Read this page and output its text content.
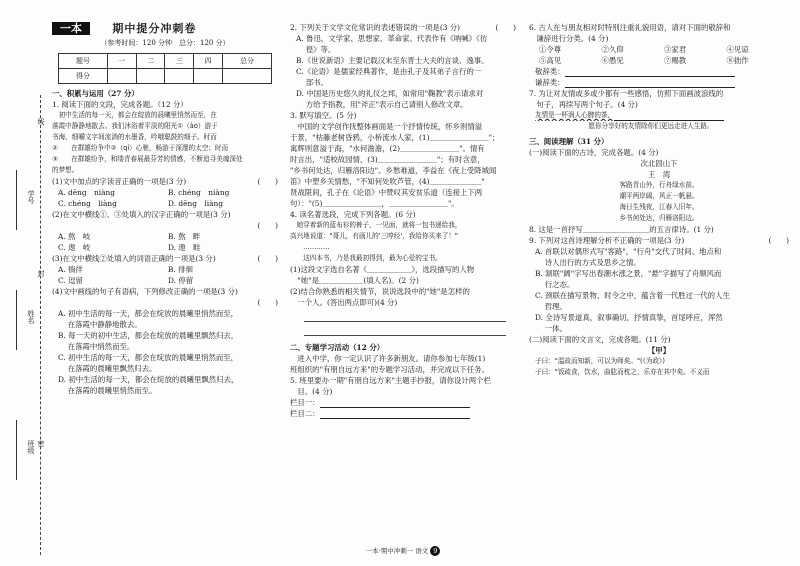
学号
姓名
班级
线
封
密
一本	期中提分冲刺卷
（参考时间：120 分钟　总分：120 分）
题号	一	二	三	四	总分
得分					
一、积累与运用（27 分）
1. 阅读下面的文段，完成各题。（12 分）
　初中生活的每一天，都会在绽放的晨曦里悄然而至，在
落霞中静静地散去。我们沐浴着平淡的阳光①（ào）游于
书海，细嚼文字间流淌的水墨香，吟哦聪鼓的细子。时而
②　　在群雄纷争中②（qí）心驰，畅游于深邃的太空；时而
③　　在群雄纷争，和缕青春展最芬芳的情感，不断追寻美魂深处
的梦想。
(1)文中加点的字读音正确的一项是(3 分)	(　　)
A. dēng　niàng	B. chéng　niàng
C. chéng　liàng	D. dēng　liàng
(2)在文中横线①、③处填入的汉字正确的一项是(3 分)
(　　)
A. 熬　岐	B. 熬　畔
C. 遨　岐	D. 遨　畦
(3)在文中横线②处填入的词语正确的一项是(3 分)	(　　)
A. 徜徉	B. 徘徊
C. 逗留	D. 停留
(4)文中画线的句子有语病，下列修改正确的一项是(3 分)
(　　)
A. 初中生活的每一天，都会在绽放的晨曦里悄然而至，
　 在落霞中静静地散去。
B. 每一天的初中生活，都会在绽放的晨曦里飘然归去，
　 在落霞中悄然而至。
C. 初中生活的每一天，都会在绽放的晨曦里悄然而至，
　 在落霞的晨曦里飘然归去。
D. 初中生活的每一天，都会在绽放的晨曦里飘然归去，
　 在落霞的晨曦里悄然而至。
2. 下列关于文学文化常识的表述错误的一项是(3 分)	(　　)
A. 鲁迅，文学家、思想家、革命家。代表作有《呐喊》《彷
　 徨》等。
B.《世说新语》主要记载汉末至东晋士大夫的言谈、逸事。
C.《论语》是儒家经典著作，是由孔子及其弟子言行的一
　 部书。
D. 中国是历史悠久的礼仪之邦，如常用"鞠教"表示请求对
　 方给予指教，用"斧正"表示自己请别人修改文章。
3. 默写填空。(5 分)
　中国的文学创作抚整体画面是一个抒情传统，怀乡则情溢
于景，"枯藤老树昏鸦，小桥流水人家，(1)＿＿＿＿＿＿＿＿"；
寓辉则意溢于海，"水何澹澹，(2)＿＿＿＿＿＿＿＿"。情有
时言出，"适校故园情，(3)＿＿＿＿＿＿＿＿"；有时含意，
"乡书何处达，归雁洛阳边"。乡愁难道，李益在《夜上受降城闻
笛》中塑乡关情愁，"不知何处吹芦管，(4)＿＿＿＿＿＿＿"
贤战限间，孔子在《论语》中赞叹其安贫乐道（连接上下两
句）："(5)＿＿＿＿＿＿＿＿，＿＿＿＿＿＿＿＿"。
4. 读名著选段，完成下列各题。(6 分)
　她穿着新的蓝布衫的裤子，一见面，就将一包书递给我，
高兴地说道："哥儿，有画儿的'三哼经'，我给你买来了！"
　　…………
　　这四本书，乃是我最初得到，最为心爱的宝书。
(1)这段文字选自名著《＿＿＿＿＿＿》，选段描写的人物
　"她"是＿＿＿＿＿＿(填人名)。(2 分)
(2)结合你熟悉的相关情节，说说选段中的"她"是怎样的
　一个人。(答出两点即可)(4 分)
二、专题学习活动（12 分）
　进入中学，你一定认识了许多新朋友。请你参加七年级(1)
班组织的"有朋自远方来"的专题学习活动，并完成以下任务。
5. 班里要办一期"有朋自远方来"主题手抄报，请你设计两个栏
　目。(4 分)
栏目一：
栏目二：
一本·期中冲刺一 语文 9
6. 古人在与朋友相对时特别注重礼貌用语，请对下面的敬辞和
　谦辞进行分类。(4 分)
①令尊	②久仰	③家君	④见谅
⑤高见	⑥愚见	⑦赐教	⑧拙作
敬辞类：
谦辞类：
7. 为让对友情或多或少都有一些感悟，仿照下面画波浪线的
　句子，再续写两个句子。(4 分)
友情是一杯润人心脾的茶，
　　　　　　　　　愿你分享好的友情除你们更远走进人生路。
三、阅读理解（31 分）
(一)阅读下面的古诗，完成各题。(4 分)
次北固山下
王　湾
客路青山外，行舟绿水前。
潮平两岸阔，风正一帆悬。
海日生残夜，江春入旧年。
乡书何处达，归雁洛阳边。
8. 这是一首抒写＿＿＿＿＿＿＿＿＿的五言律诗。(1 分)
9. 下列对这首诗理解分析不正确的一项是(3 分)	(　　)
A. 首联以对偶形式写"客路"，"行舟"交代了时间、地点和
　 诗人出行的方式及思乡之情。
B. 颔联"阔"字写出春潮水涨之景，"悬"字描写了舟顺风而
　 行之态。
C. 颈联在描写景物、时令之中，蕴含着一代胜过一代的人生
　 哲理。
D. 全诗写景道真，叙事确切，抒情真挚，首尾呼应，浑然
　 一体。
(二)阅读下面的文言文，完成各题。(11 分)
【甲】
子曰："温故而知新，可以为师矣。"(《为政》)
子曰："饭疏食，饮水，曲肱而枕之，乐亦在其中矣。不义而
